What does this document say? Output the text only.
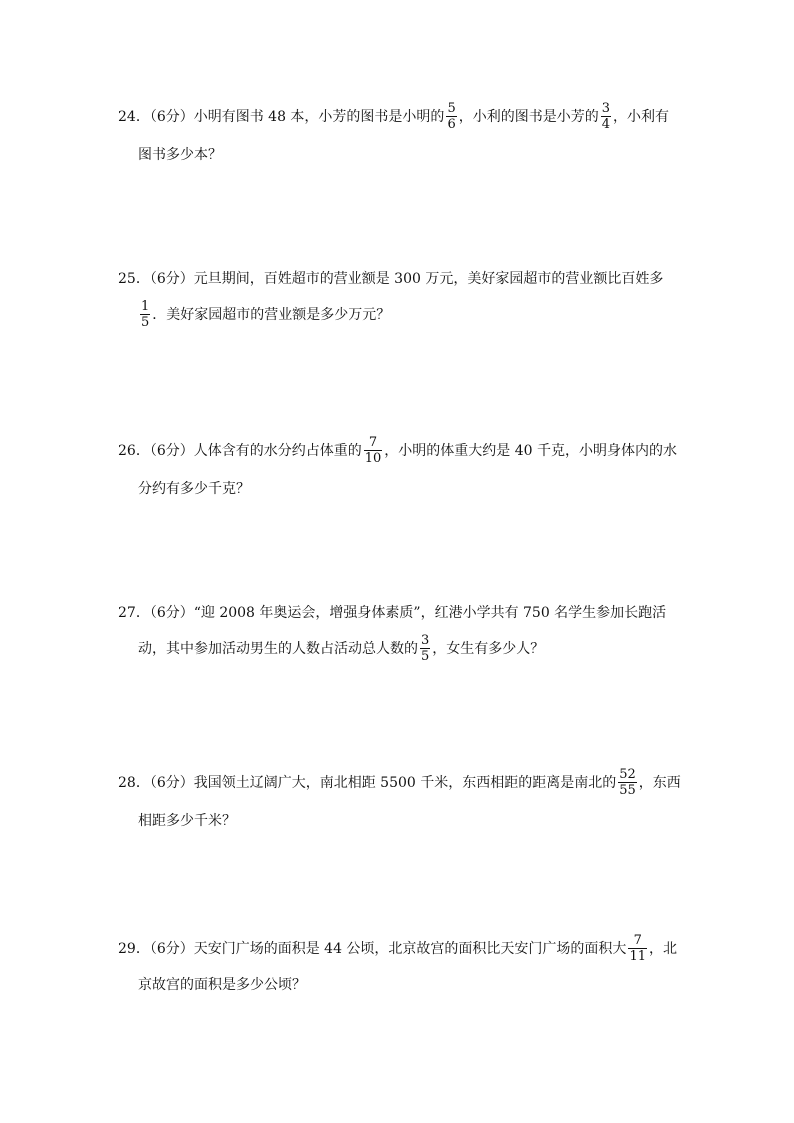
24．（6分）小明有图书 48 本，小芳的图书是小明的 $\frac{5}{6}$ ，小利的图书是小芳的 $\frac{3}{4}$ ，小利有
图书多少本？
25．（6分）元旦期间，百姓超市的营业额是 300 万元，美好家园超市的营业额比百姓多
$\frac{1}{5}$ ．美好家园超市的营业额是多少万元？
26．（6分）人体含有的水分约占体重的 $\frac{7}{10}$ ，小明的体重大约是 40 千克，小明身体内的水
分约有多少千克？
27．（6分）“迎 2008 年奥运会，增强身体素质”，红港小学共有 750 名学生参加长跑活
动，其中参加活动男生的人数占活动总人数的 $\frac{3}{5}$ ，女生有多少人？
28．（6分）我国领土辽阔广大，南北相距 5500 千米，东西相距的距离是南北的 $\frac{52}{55}$ ，东西
相距多少千米？
29．（6分）天安门广场的面积是 44 公顷，北京故宫的面积比天安门广场的面积大 $\frac{7}{11}$ ，北
京故宫的面积是多少公顷？
